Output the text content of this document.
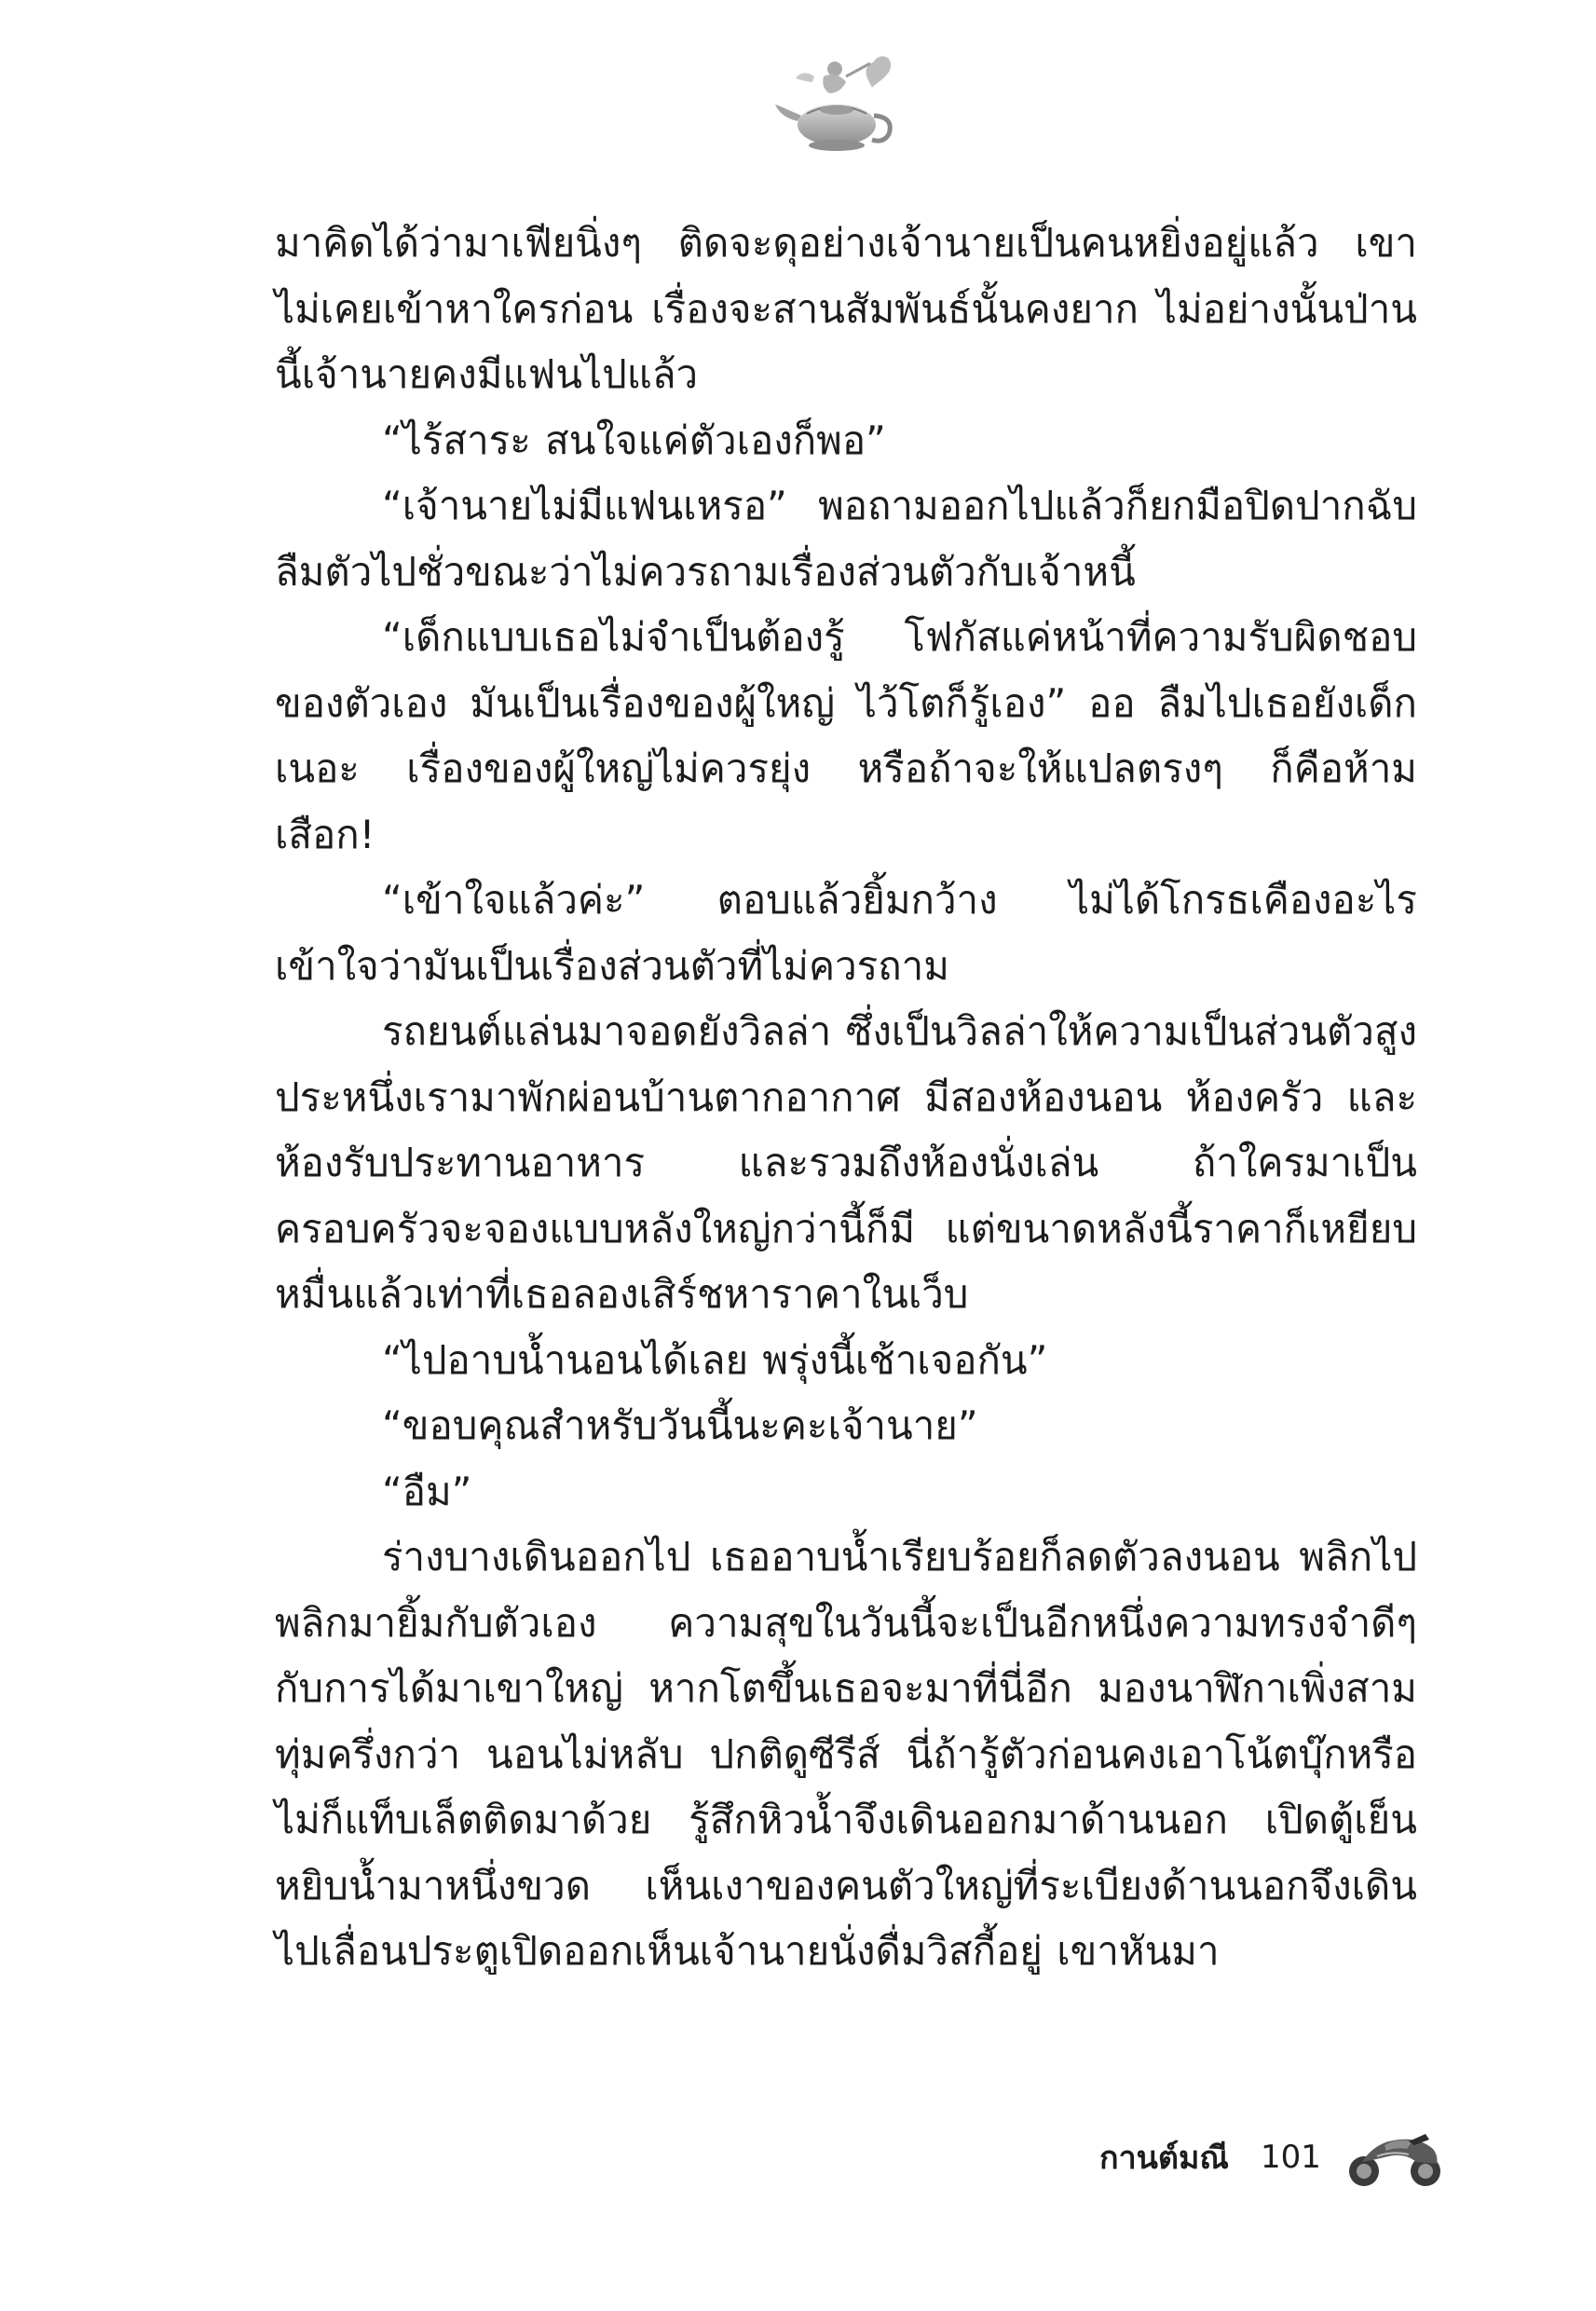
มาคิดได้ว่ามาเฟียนิ่งๆ ติดจะดุอย่างเจ้านายเป็นคนหยิ่งอยู่แล้ว เขาไม่เคยเข้าหาใครก่อน เรื่องจะสานสัมพันธ์นั้นคงยาก ไม่อย่างนั้นป่านนี้เจ้านายคงมีแฟนไปแล้ว

“ไร้สาระ สนใจแค่ตัวเองก็พอ”

“เจ้านายไม่มีแฟนเหรอ” พอถามออกไปแล้วก็ยกมือปิดปากฉับ ลืมตัวไปชั่วขณะว่าไม่ควรถามเรื่องส่วนตัวกับเจ้าหนี้

“เด็กแบบเธอไม่จำเป็นต้องรู้ โฟกัสแค่หน้าที่ความรับผิดชอบของตัวเอง มันเป็นเรื่องของผู้ใหญ่ ไว้โตก็รู้เอง” ออ ลืมไปเธอยังเด็กเนอะ เรื่องของผู้ใหญ่ไม่ควรยุ่ง หรือถ้าจะให้แปลตรงๆ ก็คือห้ามเสือก!

“เข้าใจแล้วค่ะ” ตอบแล้วยิ้มกว้าง ไม่ได้โกรธเคืองอะไร เข้าใจว่ามันเป็นเรื่องส่วนตัวที่ไม่ควรถาม

รถยนต์แล่นมาจอดยังวิลล่า ซึ่งเป็นวิลล่าให้ความเป็นส่วนตัวสูงประหนึ่งเรามาพักผ่อนบ้านตากอากาศ มีสองห้องนอน ห้องครัว และห้องรับประทานอาหาร และรวมถึงห้องนั่งเล่น ถ้าใครมาเป็นครอบครัวจะจองแบบหลังใหญ่กว่านี้ก็มี แต่ขนาดหลังนี้ราคาก็เหยียบหมื่นแล้วเท่าที่เธอลองเสิร์ชหาราคาในเว็บ

“ไปอาบน้ำนอนได้เลย พรุ่งนี้เช้าเจอกัน”

“ขอบคุณสำหรับวันนี้นะคะเจ้านาย”

“อืม”

ร่างบางเดินออกไป เธออาบน้ำเรียบร้อยก็ลดตัวลงนอน พลิกไปพลิกมายิ้มกับตัวเอง ความสุขในวันนี้จะเป็นอีกหนึ่งความทรงจำดีๆ กับการได้มาเขาใหญ่ หากโตขึ้นเธอจะมาที่นี่อีก มองนาฬิกาเพิ่งสามทุ่มครึ่งกว่า นอนไม่หลับ ปกติดูซีรีส์ นี่ถ้ารู้ตัวก่อนคงเอาโน้ตบุ๊กหรือไม่ก็แท็บเล็ตติดมาด้วย รู้สึกหิวน้ำจึงเดินออกมาด้านนอก เปิดตู้เย็นหยิบน้ำมาหนึ่งขวด เห็นเงาของคนตัวใหญ่ที่ระเบียงด้านนอกจึงเดินไปเลื่อนประตูเปิดออกเห็นเจ้านายนั่งดื่มวิสกี้อยู่ เขาหันมา

กานต์มณี 101
